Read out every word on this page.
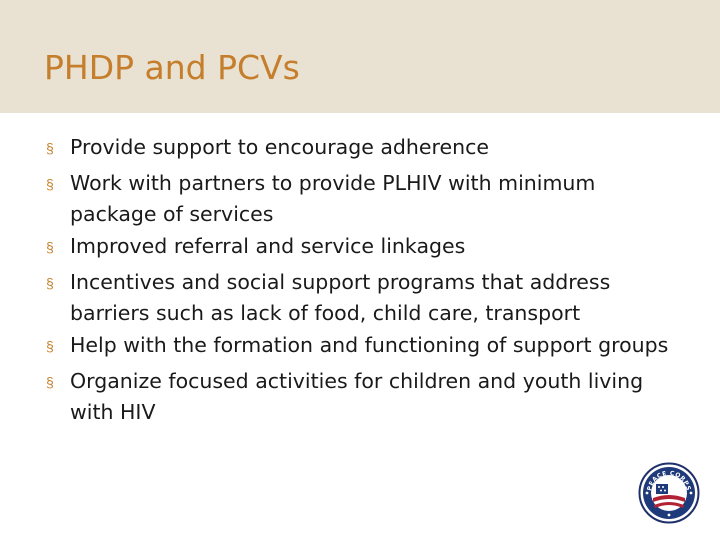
PHDP and PCVs
§ Provide support to encourage adherence
§ Work with partners to provide PLHIV with minimum package of services
§ Improved referral and service linkages
§ Incentives and social support programs that address barriers such as lack of food, child care, transport
§ Help with the formation and functioning of support groups
§ Organize focused activities for children and youth living with HIV
PEACE CORPS
